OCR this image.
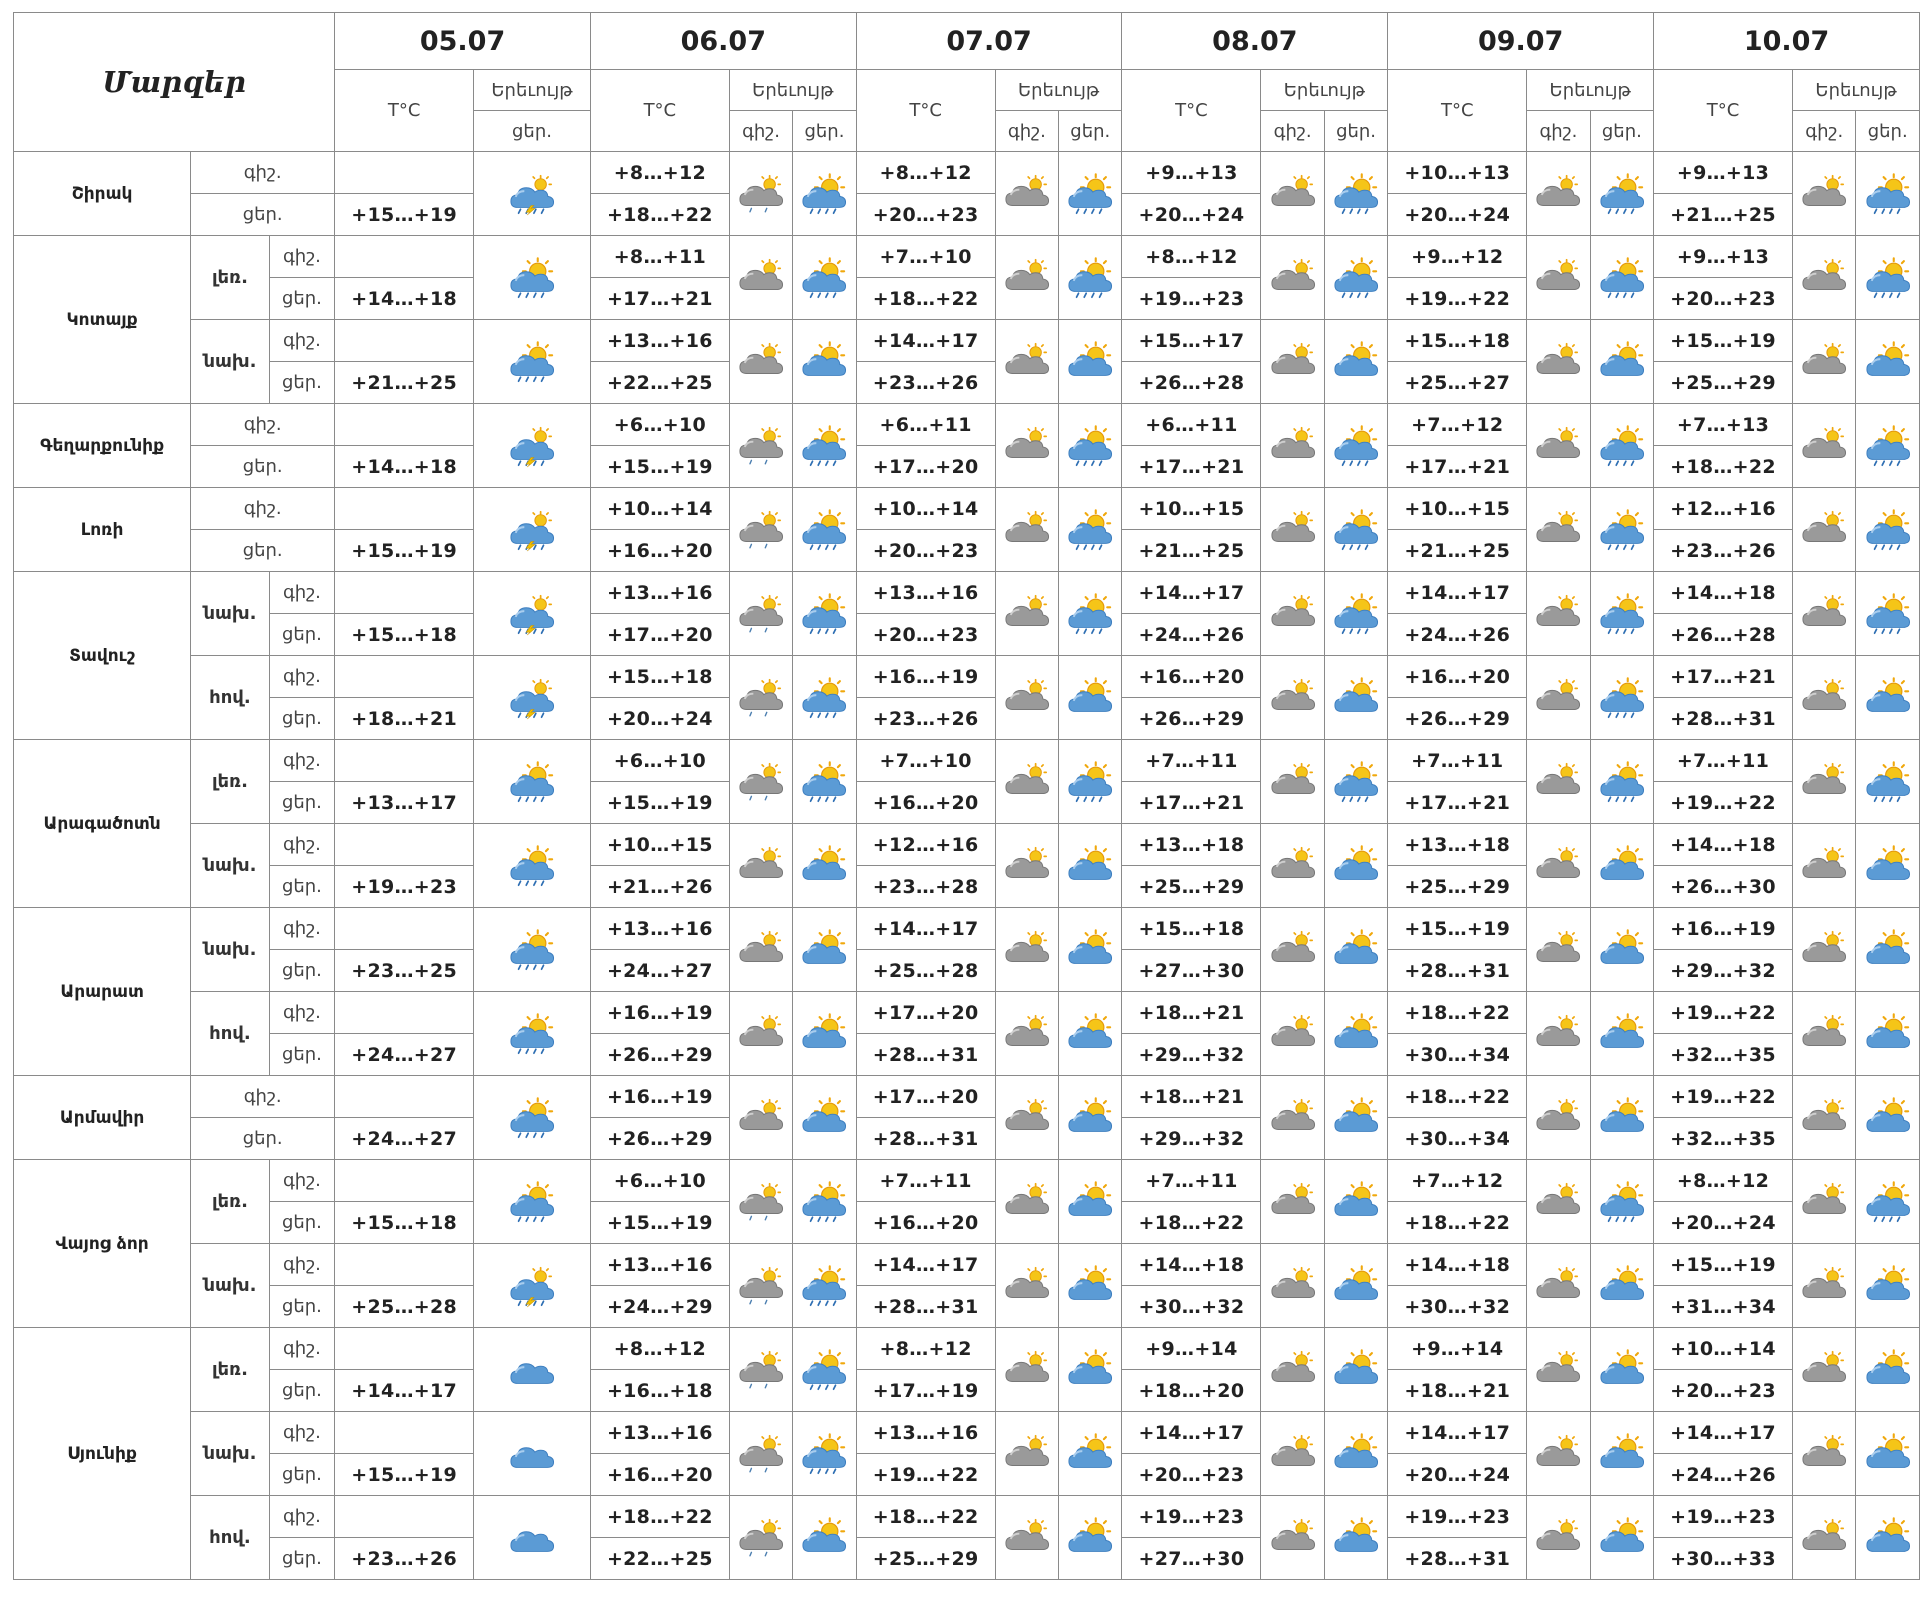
Մարզեր			05.07		06.07			07.07			08.07			09.07			10.07		
			T°C	Երեւույթ	T°C	Երեւույթ		T°C	Երեւույթ		T°C	Երեւույթ		T°C	Երեւույթ		T°C	Երեւույթ	
				ցեր.		գիշ.	ցեր.		գիշ.	ցեր.		գիշ.	ցեր.		գիշ.	ցեր.		գիշ.	ցեր.
Շիրակ	գիշ.				+8…+12			+8…+12			+9…+13			+10…+13			+9…+13		
	ցեր.		+15…+19		+18…+22			+20…+23			+20…+24			+20…+24			+21…+25		
Կոտայք	լեռ.	գիշ.			+8…+11			+7…+10			+8…+12			+9…+12			+9…+13		
		ցեր.	+14…+18		+17…+21			+18…+22			+19…+23			+19…+22			+20…+23		
	նախ.	գիշ.			+13…+16			+14…+17			+15…+17			+15…+18			+15…+19		
		ցեր.	+21…+25		+22…+25			+23…+26			+26…+28			+25…+27			+25…+29		
Գեղարքունիք	գիշ.				+6…+10			+6…+11			+6…+11			+7…+12			+7…+13		
	ցեր.		+14…+18		+15…+19			+17…+20			+17…+21			+17…+21			+18…+22		
Լոռի	գիշ.				+10…+14			+10…+14			+10…+15			+10…+15			+12…+16		
	ցեր.		+15…+19		+16…+20			+20…+23			+21…+25			+21…+25			+23…+26		
Տավուշ	նախ.	գիշ.			+13…+16			+13…+16			+14…+17			+14…+17			+14…+18		
		ցեր.	+15…+18		+17…+20			+20…+23			+24…+26			+24…+26			+26…+28		
	հով.	գիշ.			+15…+18			+16…+19			+16…+20			+16…+20			+17…+21		
		ցեր.	+18…+21		+20…+24			+23…+26			+26…+29			+26…+29			+28…+31		
Արագածոտն	լեռ.	գիշ.			+6…+10			+7…+10			+7…+11			+7…+11			+7…+11		
		ցեր.	+13…+17		+15…+19			+16…+20			+17…+21			+17…+21			+19…+22		
	նախ.	գիշ.			+10…+15			+12…+16			+13…+18			+13…+18			+14…+18		
		ցեր.	+19…+23		+21…+26			+23…+28			+25…+29			+25…+29			+26…+30		
Արարատ	նախ.	գիշ.			+13…+16			+14…+17			+15…+18			+15…+19			+16…+19		
		ցեր.	+23…+25		+24…+27			+25…+28			+27…+30			+28…+31			+29…+32		
	հով.	գիշ.			+16…+19			+17…+20			+18…+21			+18…+22			+19…+22		
		ցեր.	+24…+27		+26…+29			+28…+31			+29…+32			+30…+34			+32…+35		
Արմավիր	գիշ.				+16…+19			+17…+20			+18…+21			+18…+22			+19…+22		
	ցեր.		+24…+27		+26…+29			+28…+31			+29…+32			+30…+34			+32…+35		
Վայոց ձոր	լեռ.	գիշ.			+6…+10			+7…+11			+7…+11			+7…+12			+8…+12		
		ցեր.	+15…+18		+15…+19			+16…+20			+18…+22			+18…+22			+20…+24		
	նախ.	գիշ.			+13…+16			+14…+17			+14…+18			+14…+18			+15…+19		
		ցեր.	+25…+28		+24…+29			+28…+31			+30…+32			+30…+32			+31…+34		
Սյունիք	լեռ.	գիշ.			+8…+12			+8…+12			+9…+14			+9…+14			+10…+14		
		ցեր.	+14…+17		+16…+18			+17…+19			+18…+20			+18…+21			+20…+23		
	նախ.	գիշ.			+13…+16			+13…+16			+14…+17			+14…+17			+14…+17		
		ցեր.	+15…+19		+16…+20			+19…+22			+20…+23			+20…+24			+24…+26		
	հով.	գիշ.			+18…+22			+18…+22			+19…+23			+19…+23			+19…+23		
		ցեր.	+23…+26		+22…+25			+25…+29			+27…+30			+28…+31			+30…+33		
